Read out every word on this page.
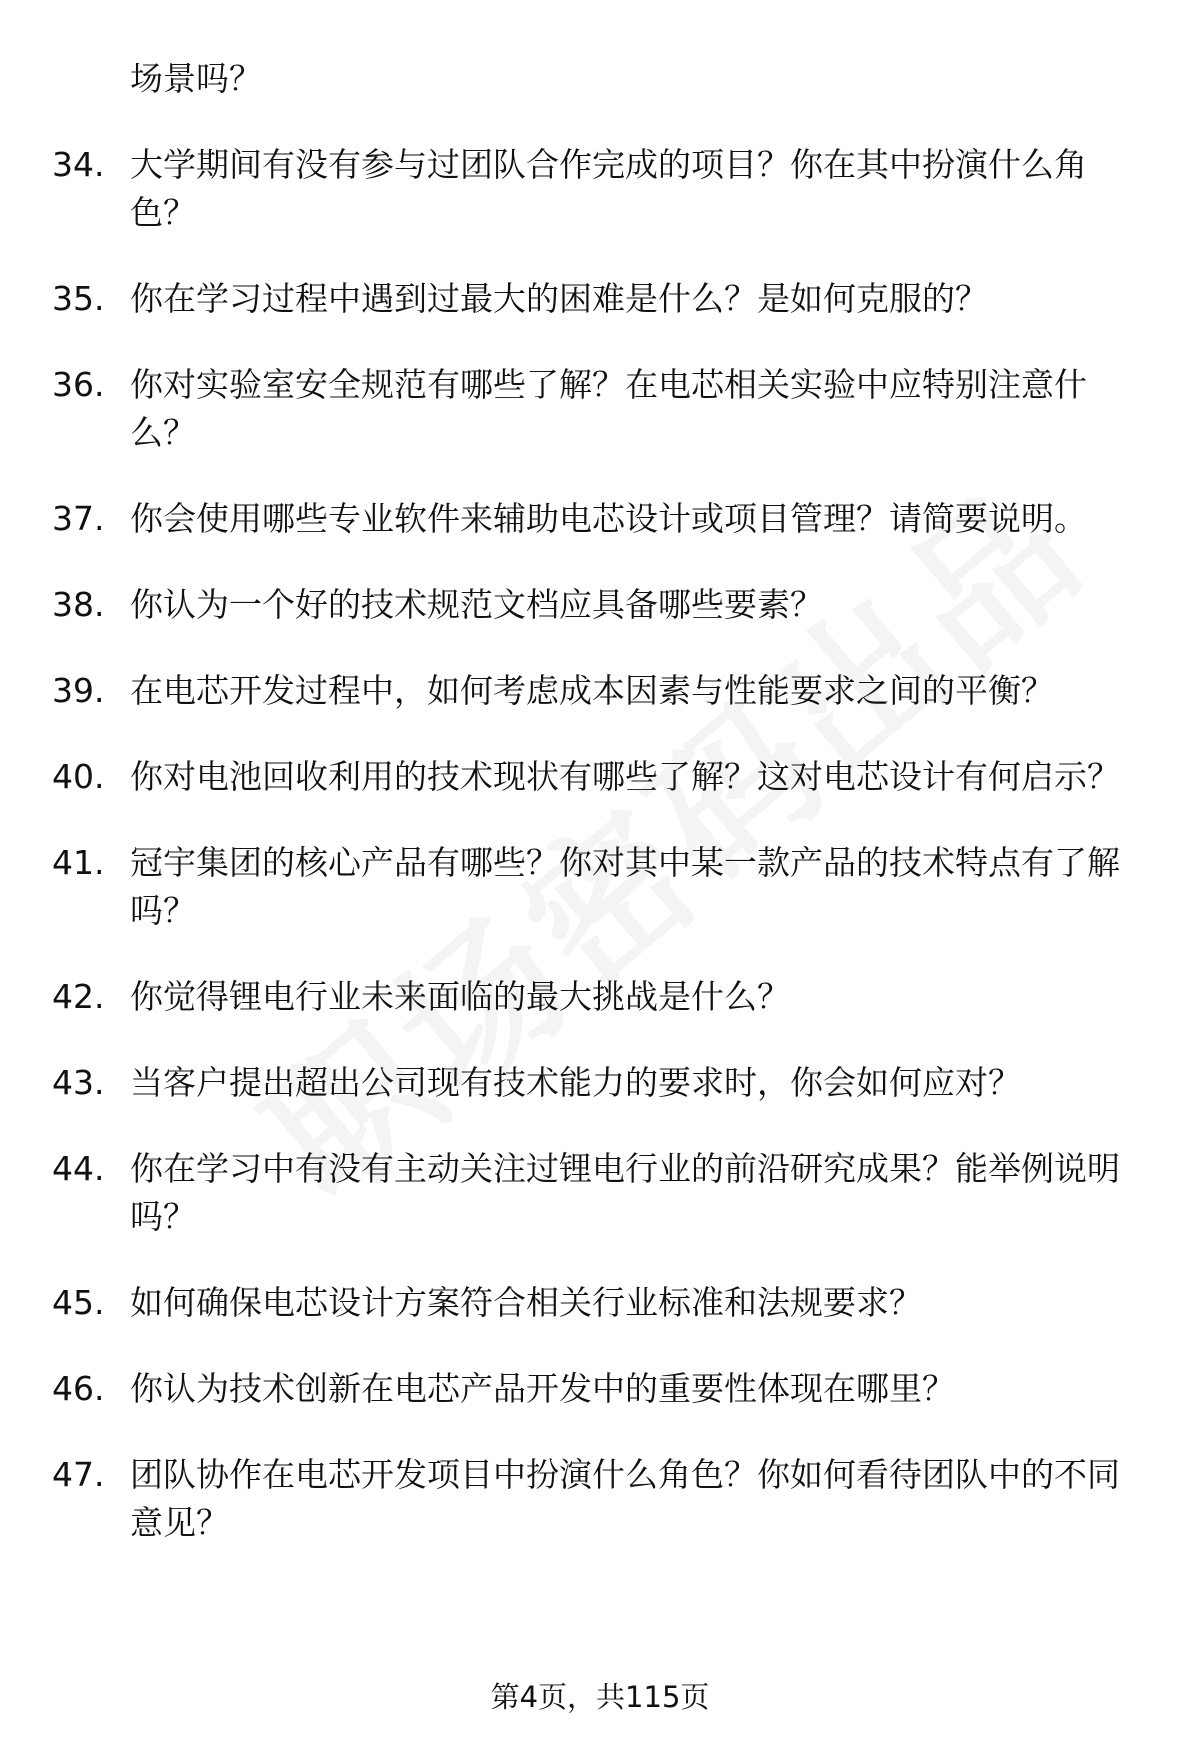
场景吗？
34. 大学期间有没有参与过团队合作完成的项目？你在其中扮演什么角色？
35. 你在学习过程中遇到过最大的困难是什么？是如何克服的？
36. 你对实验室安全规范有哪些了解？在电芯相关实验中应特别注意什么？
37. 你会使用哪些专业软件来辅助电芯设计或项目管理？请简要说明。
38. 你认为一个好的技术规范文档应具备哪些要素？
39. 在电芯开发过程中，如何考虑成本因素与性能要求之间的平衡？
40. 你对电池回收利用的技术现状有哪些了解？这对电芯设计有何启示？
41. 冠宇集团的核心产品有哪些？你对其中某一款产品的技术特点有了解吗？
42. 你觉得锂电行业未来面临的最大挑战是什么？
43. 当客户提出超出公司现有技术能力的要求时，你会如何应对？
44. 你在学习中有没有主动关注过锂电行业的前沿研究成果？能举例说明吗？
45. 如何确保电芯设计方案符合相关行业标准和法规要求？
46. 你认为技术创新在电芯产品开发中的重要性体现在哪里？
47. 团队协作在电芯开发项目中扮演什么角色？你如何看待团队中的不同意见？
第4页，共115页
